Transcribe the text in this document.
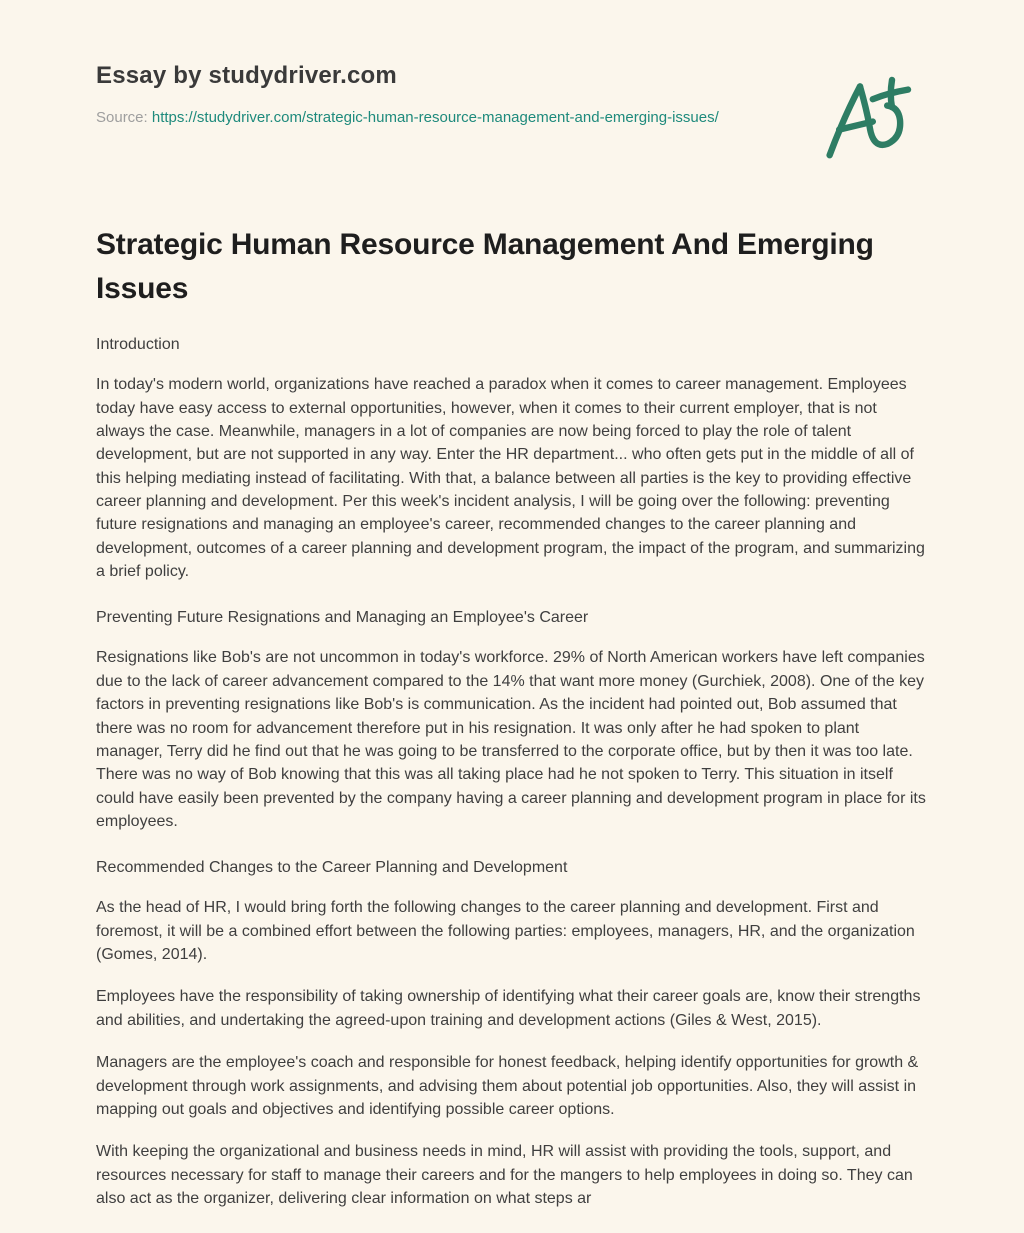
Essay by studydriver.com
Source: https://studydriver.com/strategic-human-resource-management-and-emerging-issues/
Strategic Human Resource Management And Emerging Issues

Introduction

In today's modern world, organizations have reached a paradox when it comes to career management. Employees today have easy access to external opportunities, however, when it comes to their current employer, that is not always the case. Meanwhile, managers in a lot of companies are now being forced to play the role of talent development, but are not supported in any way. Enter the HR department... who often gets put in the middle of all of this helping mediating instead of facilitating. With that, a balance between all parties is the key to providing effective career planning and development. Per this week's incident analysis, I will be going over the following: preventing future resignations and managing an employee's career, recommended changes to the career planning and development, outcomes of a career planning and development program, the impact of the program, and summarizing a brief policy.

Preventing Future Resignations and Managing an Employee's Career

Resignations like Bob's are not uncommon in today's workforce. 29% of North American workers have left companies due to the lack of career advancement compared to the 14% that want more money (Gurchiek, 2008). One of the key factors in preventing resignations like Bob's is communication. As the incident had pointed out, Bob assumed that there was no room for advancement therefore put in his resignation. It was only after he had spoken to plant manager, Terry did he find out that he was going to be transferred to the corporate office, but by then it was too late. There was no way of Bob knowing that this was all taking place had he not spoken to Terry. This situation in itself could have easily been prevented by the company having a career planning and development program in place for its employees.

Recommended Changes to the Career Planning and Development

As the head of HR, I would bring forth the following changes to the career planning and development. First and foremost, it will be a combined effort between the following parties: employees, managers, HR, and the organization (Gomes, 2014).

Employees have the responsibility of taking ownership of identifying what their career goals are, know their strengths and abilities, and undertaking the agreed-upon training and development actions (Giles & West, 2015).

Managers are the employee's coach and responsible for honest feedback, helping identify opportunities for growth & development through work assignments, and advising them about potential job opportunities. Also, they will assist in mapping out goals and objectives and identifying possible career options.

With keeping the organizational and business needs in mind, HR will assist with providing the tools, support, and resources necessary for staff to manage their careers and for the mangers to help employees in doing so. They can also act as the organizer, delivering clear information on what steps ar
